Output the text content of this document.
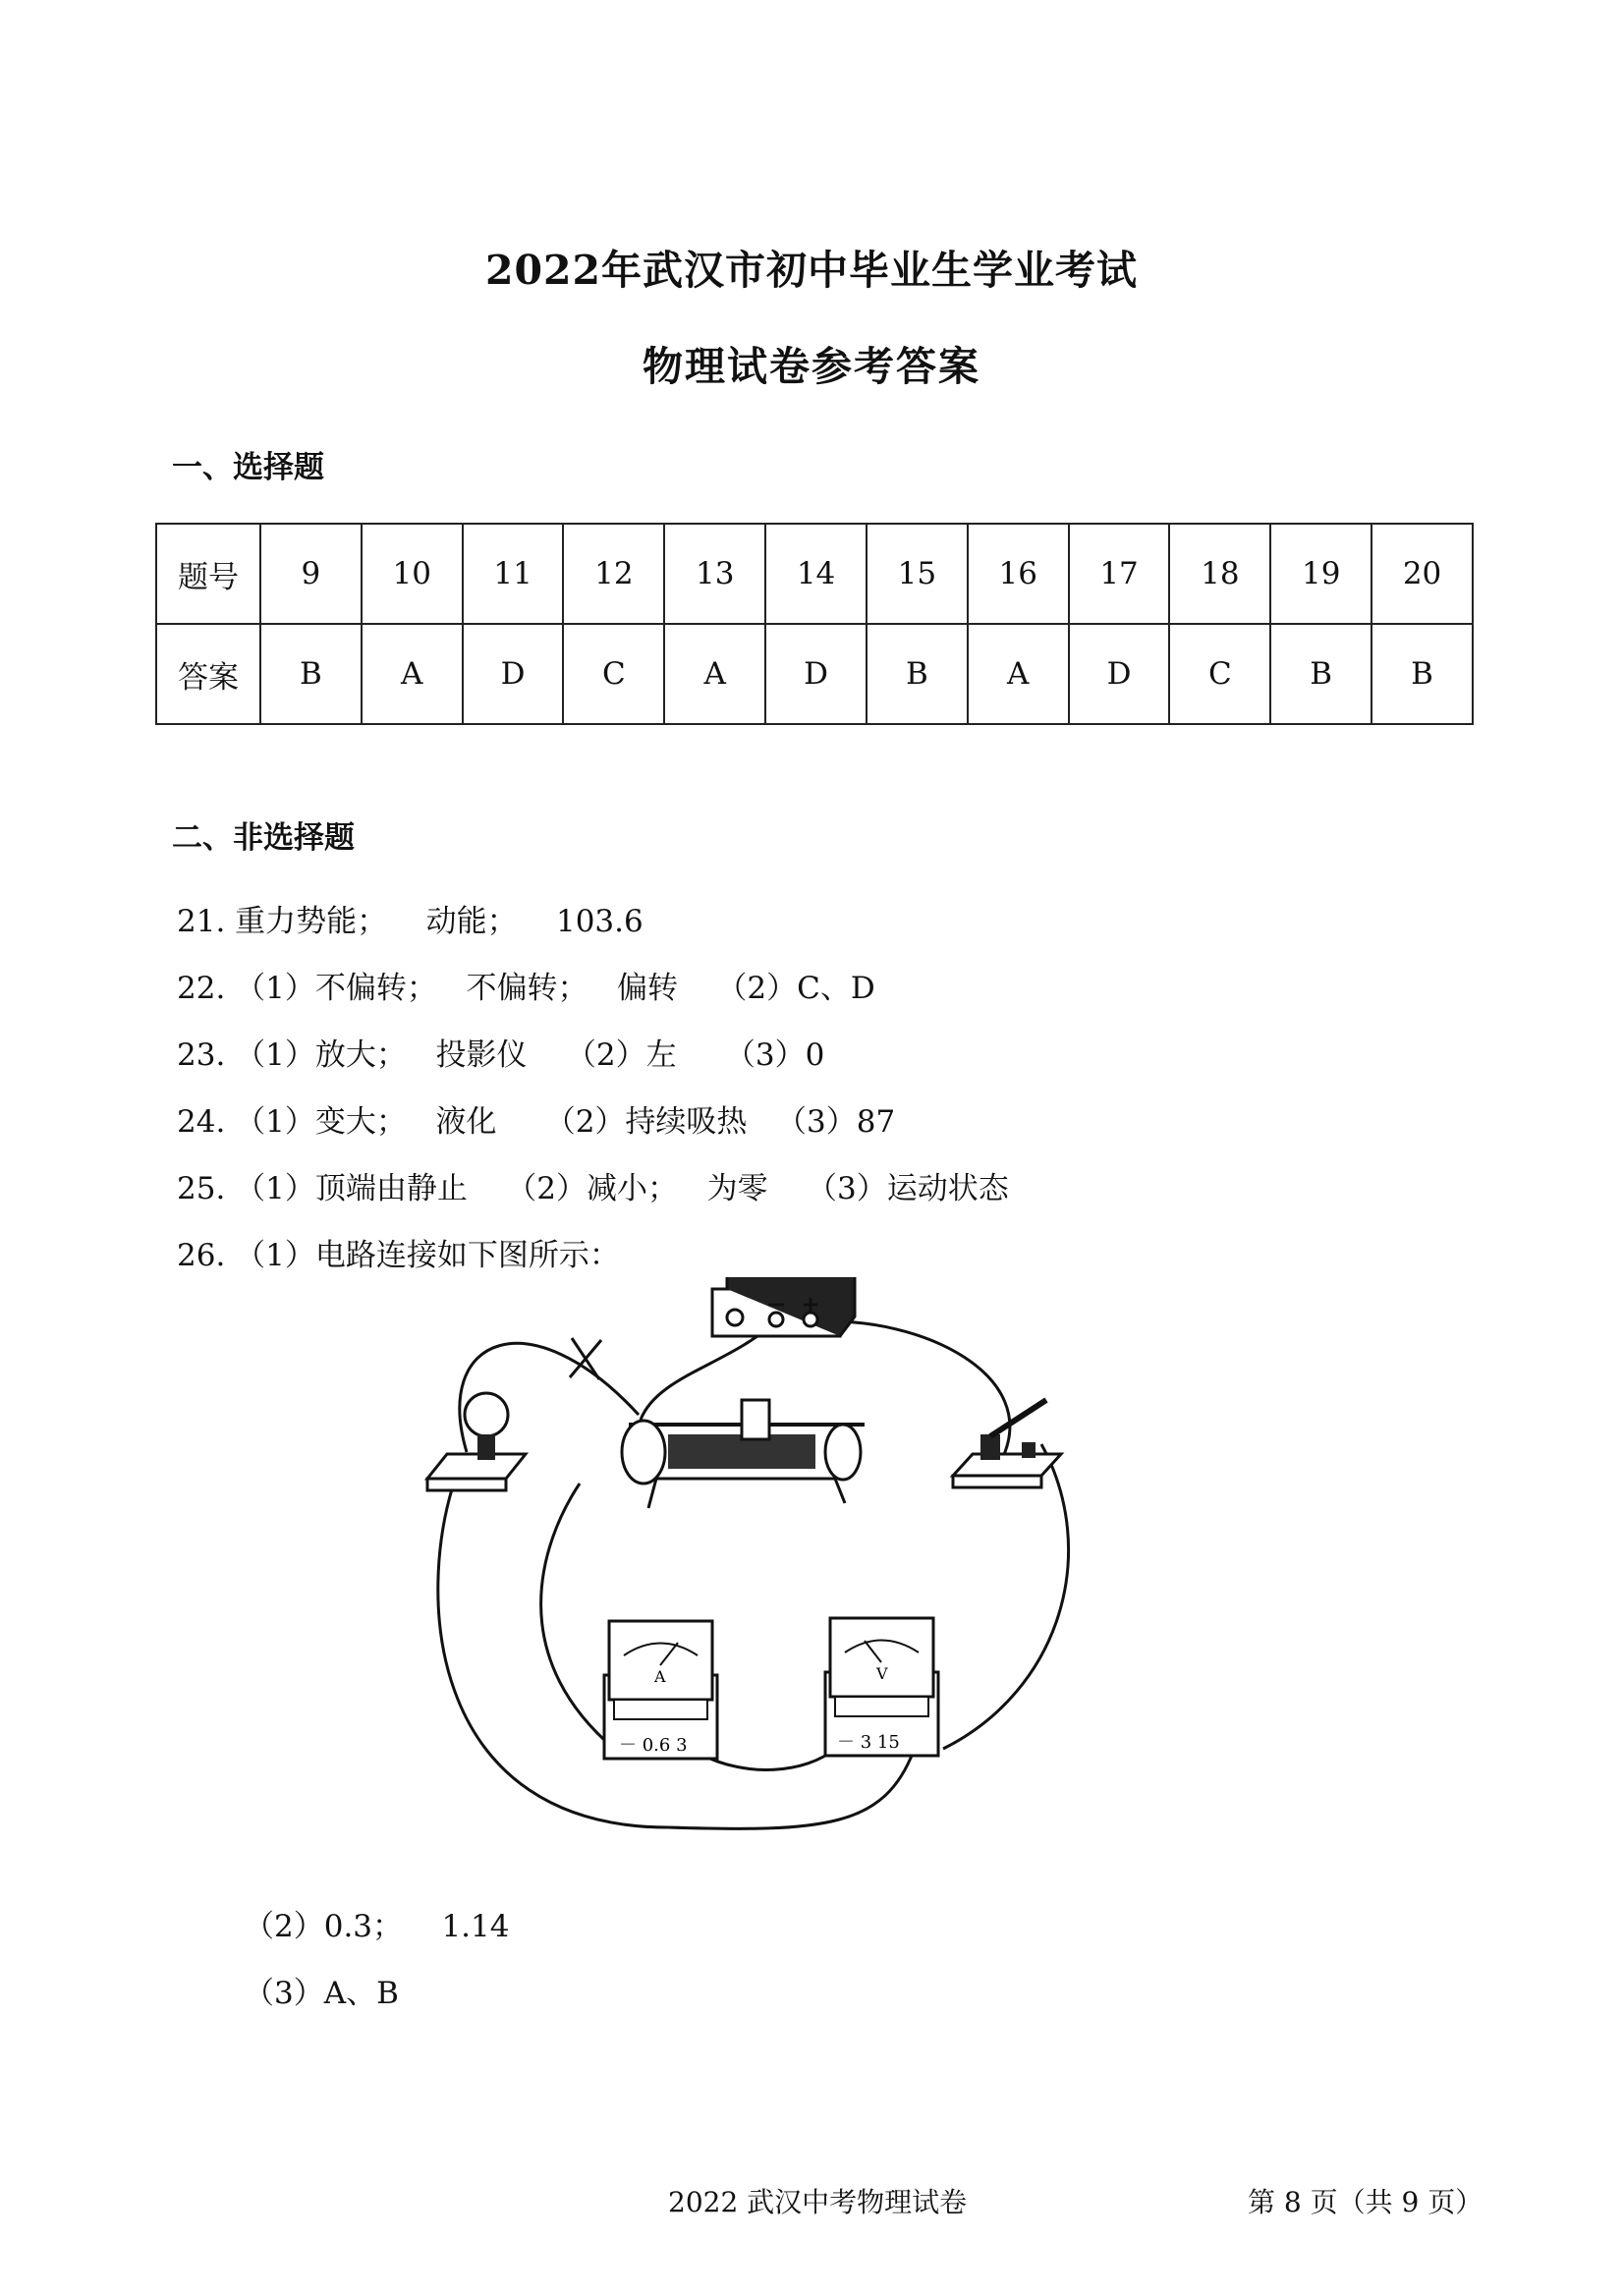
2022年武汉市初中毕业生学业考试
物理试卷参考答案
一、选择题
题号	9	10	11	12	13	14	15	16	17	18	19	20
答案	B	A	D	C	A	D	B	A	D	C	B	B
二、非选择题
21. 重力势能；    动能；    103.6
22. （1）不偏转；   不偏转；   偏转    （2）C、D
23. （1）放大；   投影仪    （2）左     （3）0
24. （1）变大；   液化     （2）持续吸热   （3）87
25. （1）顶端由静止    （2）减小；   为零    （3）运动状态
26. （1）电路连接如下图所示：
A
－ 0.6 3
V
－ 3 15
（2）0.3；    1.14
（3）A、B
2022 武汉中考物理试卷	第 8 页（共 9 页）
